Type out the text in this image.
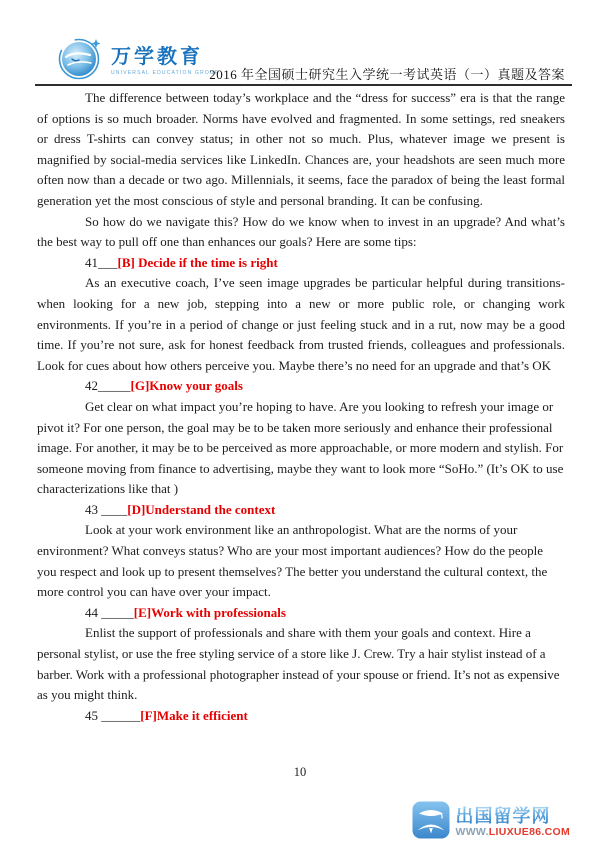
万学教育
UNIVERSAL EDUCATION GROUP
2016 年全国硕士研究生入学统一考试英语（一）真题及答案

The difference between today’s workplace and the “dress for success” era is that the range of options is so much broader. Norms have evolved and fragmented. In some settings, red sneakers or dress T-shirts can convey status; in other not so much. Plus, whatever image we present is magnified by social-media services like LinkedIn. Chances are, your headshots are seen much more often now than a decade or two ago. Millennials, it seems, face the paradox of being the least formal generation yet the most conscious of style and personal branding. It can be confusing.

So how do we navigate this? How do we know when to invest in an upgrade? And what’s the best way to pull off one than enhances our goals? Here are some tips:

41___[B] Decide if the time is right

As an executive coach, I’ve seen image upgrades be particular helpful during transitions-when looking for a new job, stepping into a new or more public role, or changing work environments. If you’re in a period of change or just feeling stuck and in a rut, now may be a good time. If you’re not sure, ask for honest feedback from trusted friends, colleagues and professionals. Look for cues about how others perceive you. Maybe there’s no need for an upgrade and that’s OK

42_____[G]Know your goals

Get clear on what impact you’re hoping to have. Are you looking to refresh your image or pivot it? For one person, the goal may be to be taken more seriously and enhance their professional image. For another, it may be to be perceived as more approachable, or more modern and stylish. For someone moving from finance to advertising, maybe they want to look more “SoHo.” (It’s OK to use characterizations like that )

43 ____[D]Understand the context

Look at your work environment like an anthropologist. What are the norms of your environment? What conveys status? Who are your most important audiences? How do the people you respect and look up to present themselves? The better you understand the cultural context, the more control you can have over your impact.

44 _____[E]Work with professionals

Enlist the support of professionals and share with them your goals and context. Hire a personal stylist, or use the free styling service of a store like J. Crew. Try a hair stylist instead of a barber. Work with a professional photographer instead of your spouse or friend. It’s not as expensive as you might think.

45 ______[F]Make it efficient

10
出国留学网
WWW.LIUXUE86.COM
